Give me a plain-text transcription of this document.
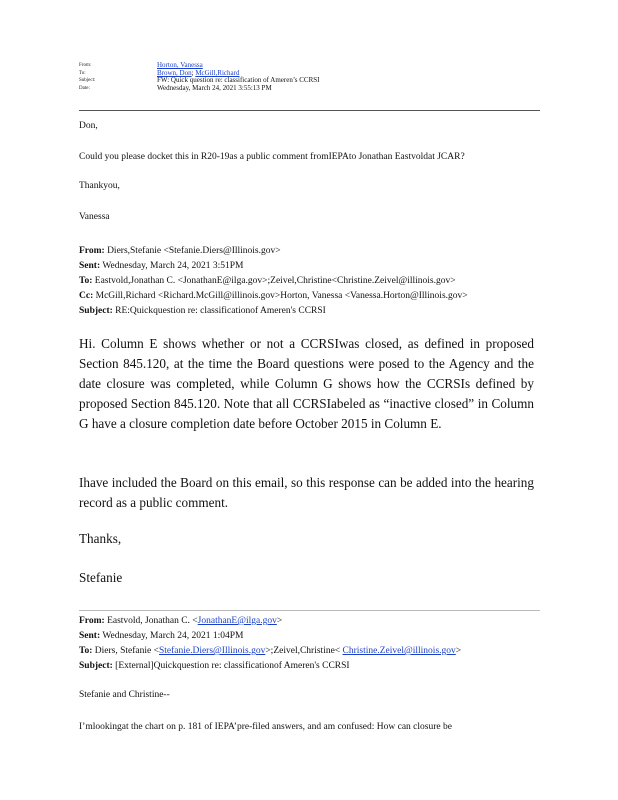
From:	Horton, Vanessa
To:	Brown, Don ; McGill,Richard
Subject:	FW: Quick question re: classification of Ameren’s CCRSI
Date:	Wednesday, March 24, 2021 3:55:13 PM
Don,
Could you please docket this in R20-19as a public comment fromIEPAto Jonathan Eastvoldat JCAR?
Thankyou,
Vanessa
From: Diers,Stefanie <Stefanie.Diers@Illinois.gov>
Sent: Wednesday, March 24, 2021 3:51PM
To: Eastvold,Jonathan C. <JonathanE@ilga.gov>;Zeivel,Christine<Christine.Zeivel@illinois.gov>
Cc: McGill,Richard <Richard.McGill@illinois.gov>Horton, Vanessa <Vanessa.Horton@Illinois.gov>
Subject: RE:Quickquestion re: classificationof Ameren's CCRSI
Hi. Column E shows whether or not a CCRSIwas closed, as defined in proposed Section 845.120, at the time the Board questions were posed to the Agency and the date closure was completed, while Column G shows how the CCRSIs defined by proposed Section 845.120. Note that all CCRSIabeled as “inactive closed” in Column G have a closure completion date before October 2015 in Column E.
Ihave included the Board on this email, so this response can be added into the hearing record as a public comment.
Thanks,
Stefanie
From: Eastvold, Jonathan C. <JonathanE@ilga.gov>
Sent: Wednesday, March 24, 2021 1:04PM
To: Diers, Stefanie <Stefanie.Diers@Illinois.gov>;Zeivel,Christine< Christine.Zeivel@illinois.gov>
Subject: [External]Quickquestion re: classificationof Ameren's CCRSI
Stefanie and Christine--
I’mlookingat the chart on p. 181 of IEPA’pre-filed answers, and am confused: How can closure be
